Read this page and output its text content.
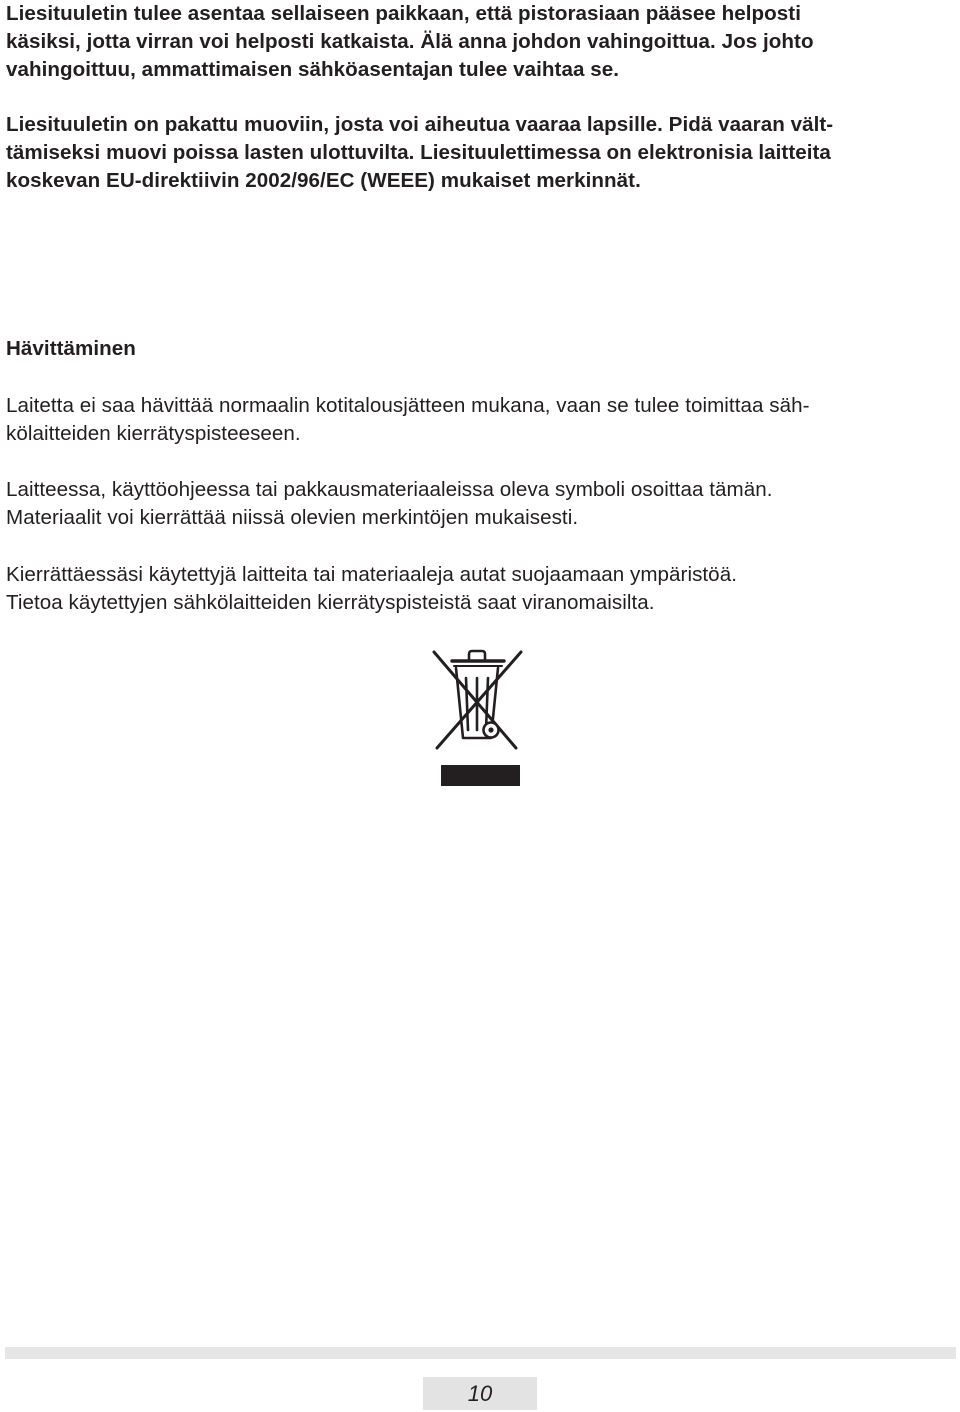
Liesituuletin tulee asentaa sellaiseen paikkaan, että pistorasiaan pääsee helposti
käsiksi, jotta virran voi helposti katkaista. Älä anna johdon vahingoittua. Jos johto
vahingoittuu, ammattimaisen sähköasentajan tulee vaihtaa se.

Liesituuletin on pakattu muoviin, josta voi aiheutua vaaraa lapsille. Pidä vaaran vält-
tämiseksi muovi poissa lasten ulottuvilta. Liesituulettimessa on elektronisia laitteita
koskevan EU-direktiivin 2002/96/EC (WEEE) mukaiset merkinnät.

Hävittäminen

Laitetta ei saa hävittää normaalin kotitalousjätteen mukana, vaan se tulee toimittaa säh-
kölaitteiden kierrätyspisteeseen.

Laitteessa, käyttöohjeessa tai pakkausmateriaaleissa oleva symboli osoittaa tämän.
Materiaalit voi kierrättää niissä olevien merkintöjen mukaisesti.

Kierrättäessäsi käytettyjä laitteita tai materiaaleja autat suojaamaan ympäristöä.
Tietoa käytettyjen sähkölaitteiden kierrätyspisteistä saat viranomaisilta.

10
